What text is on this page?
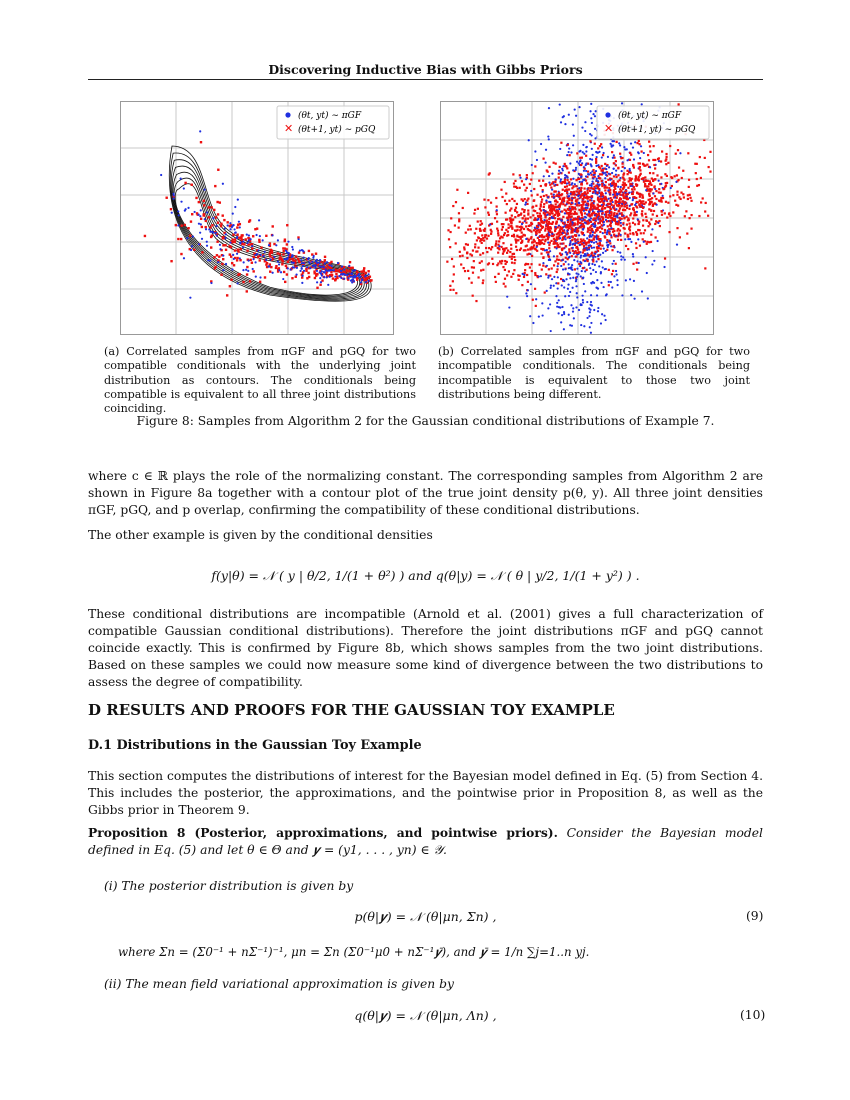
Discovering Inductive Bias with Gibbs Priors
(θt, yt) ∼ πGF
✕ (θt+1, yt) ∼ pGQ
(θt, yt) ∼ πGF
✕ (θt+1, yt) ∼ pGQ
(a) Correlated samples from πGF and pGQ for two compatible conditionals with the underlying joint distribution as contours. The conditionals being compatible is equivalent to all three joint distributions coinciding.
(b) Correlated samples from πGF and pGQ for two incompatible conditionals. The conditionals being incompatible is equivalent to those two joint distributions being different.
Figure 8: Samples from Algorithm 2 for the Gaussian conditional distributions of Example 7.
where c ∈ ℝ plays the role of the normalizing constant. The corresponding samples from Algorithm 2 are shown in Figure 8a together with a contour plot of the true joint density p(θ, y). All three joint densities πGF, pGQ, and p overlap, confirming the compatibility of these conditional distributions.
The other example is given by the conditional densities
f(y|θ) = 𝒩 ( y | θ/2, 1/(1 + θ²) ) and q(θ|y) = 𝒩 ( θ | y/2, 1/(1 + y²) ) .
These conditional distributions are incompatible (Arnold et al. (2001) gives a full characterization of compatible Gaussian conditional distributions). Therefore the joint distributions πGF and pGQ cannot coincide exactly. This is confirmed by Figure 8b, which shows samples from the two joint distributions. Based on these samples we could now measure some kind of divergence between the two distributions to assess the degree of compatibility.
D RESULTS AND PROOFS FOR THE GAUSSIAN TOY EXAMPLE
D.1 Distributions in the Gaussian Toy Example
This section computes the distributions of interest for the Bayesian model defined in Eq. (5) from Section 4. This includes the posterior, the approximations, and the pointwise prior in Proposition 8, as well as the Gibbs prior in Theorem 9.
Proposition 8 (Posterior, approximations, and pointwise priors). Consider the Bayesian model defined in Eq. (5) and let θ ∈ Θ and 𝒚 = (y1, . . . , yn) ∈ 𝒴.
(i) The posterior distribution is given by
p(θ|𝒚) = 𝒩 (θ|μn, Σn) ,	(9)
where Σn = (Σ0⁻¹ + nΣ⁻¹)⁻¹, μn = Σn (Σ0⁻¹μ0 + nΣ⁻¹𝒚̄), and 𝒚̄ = 1/n ∑j=1..n yj.
(ii) The mean field variational approximation is given by
q(θ|𝒚) = 𝒩 (θ|μn, Λn) ,	(10)
